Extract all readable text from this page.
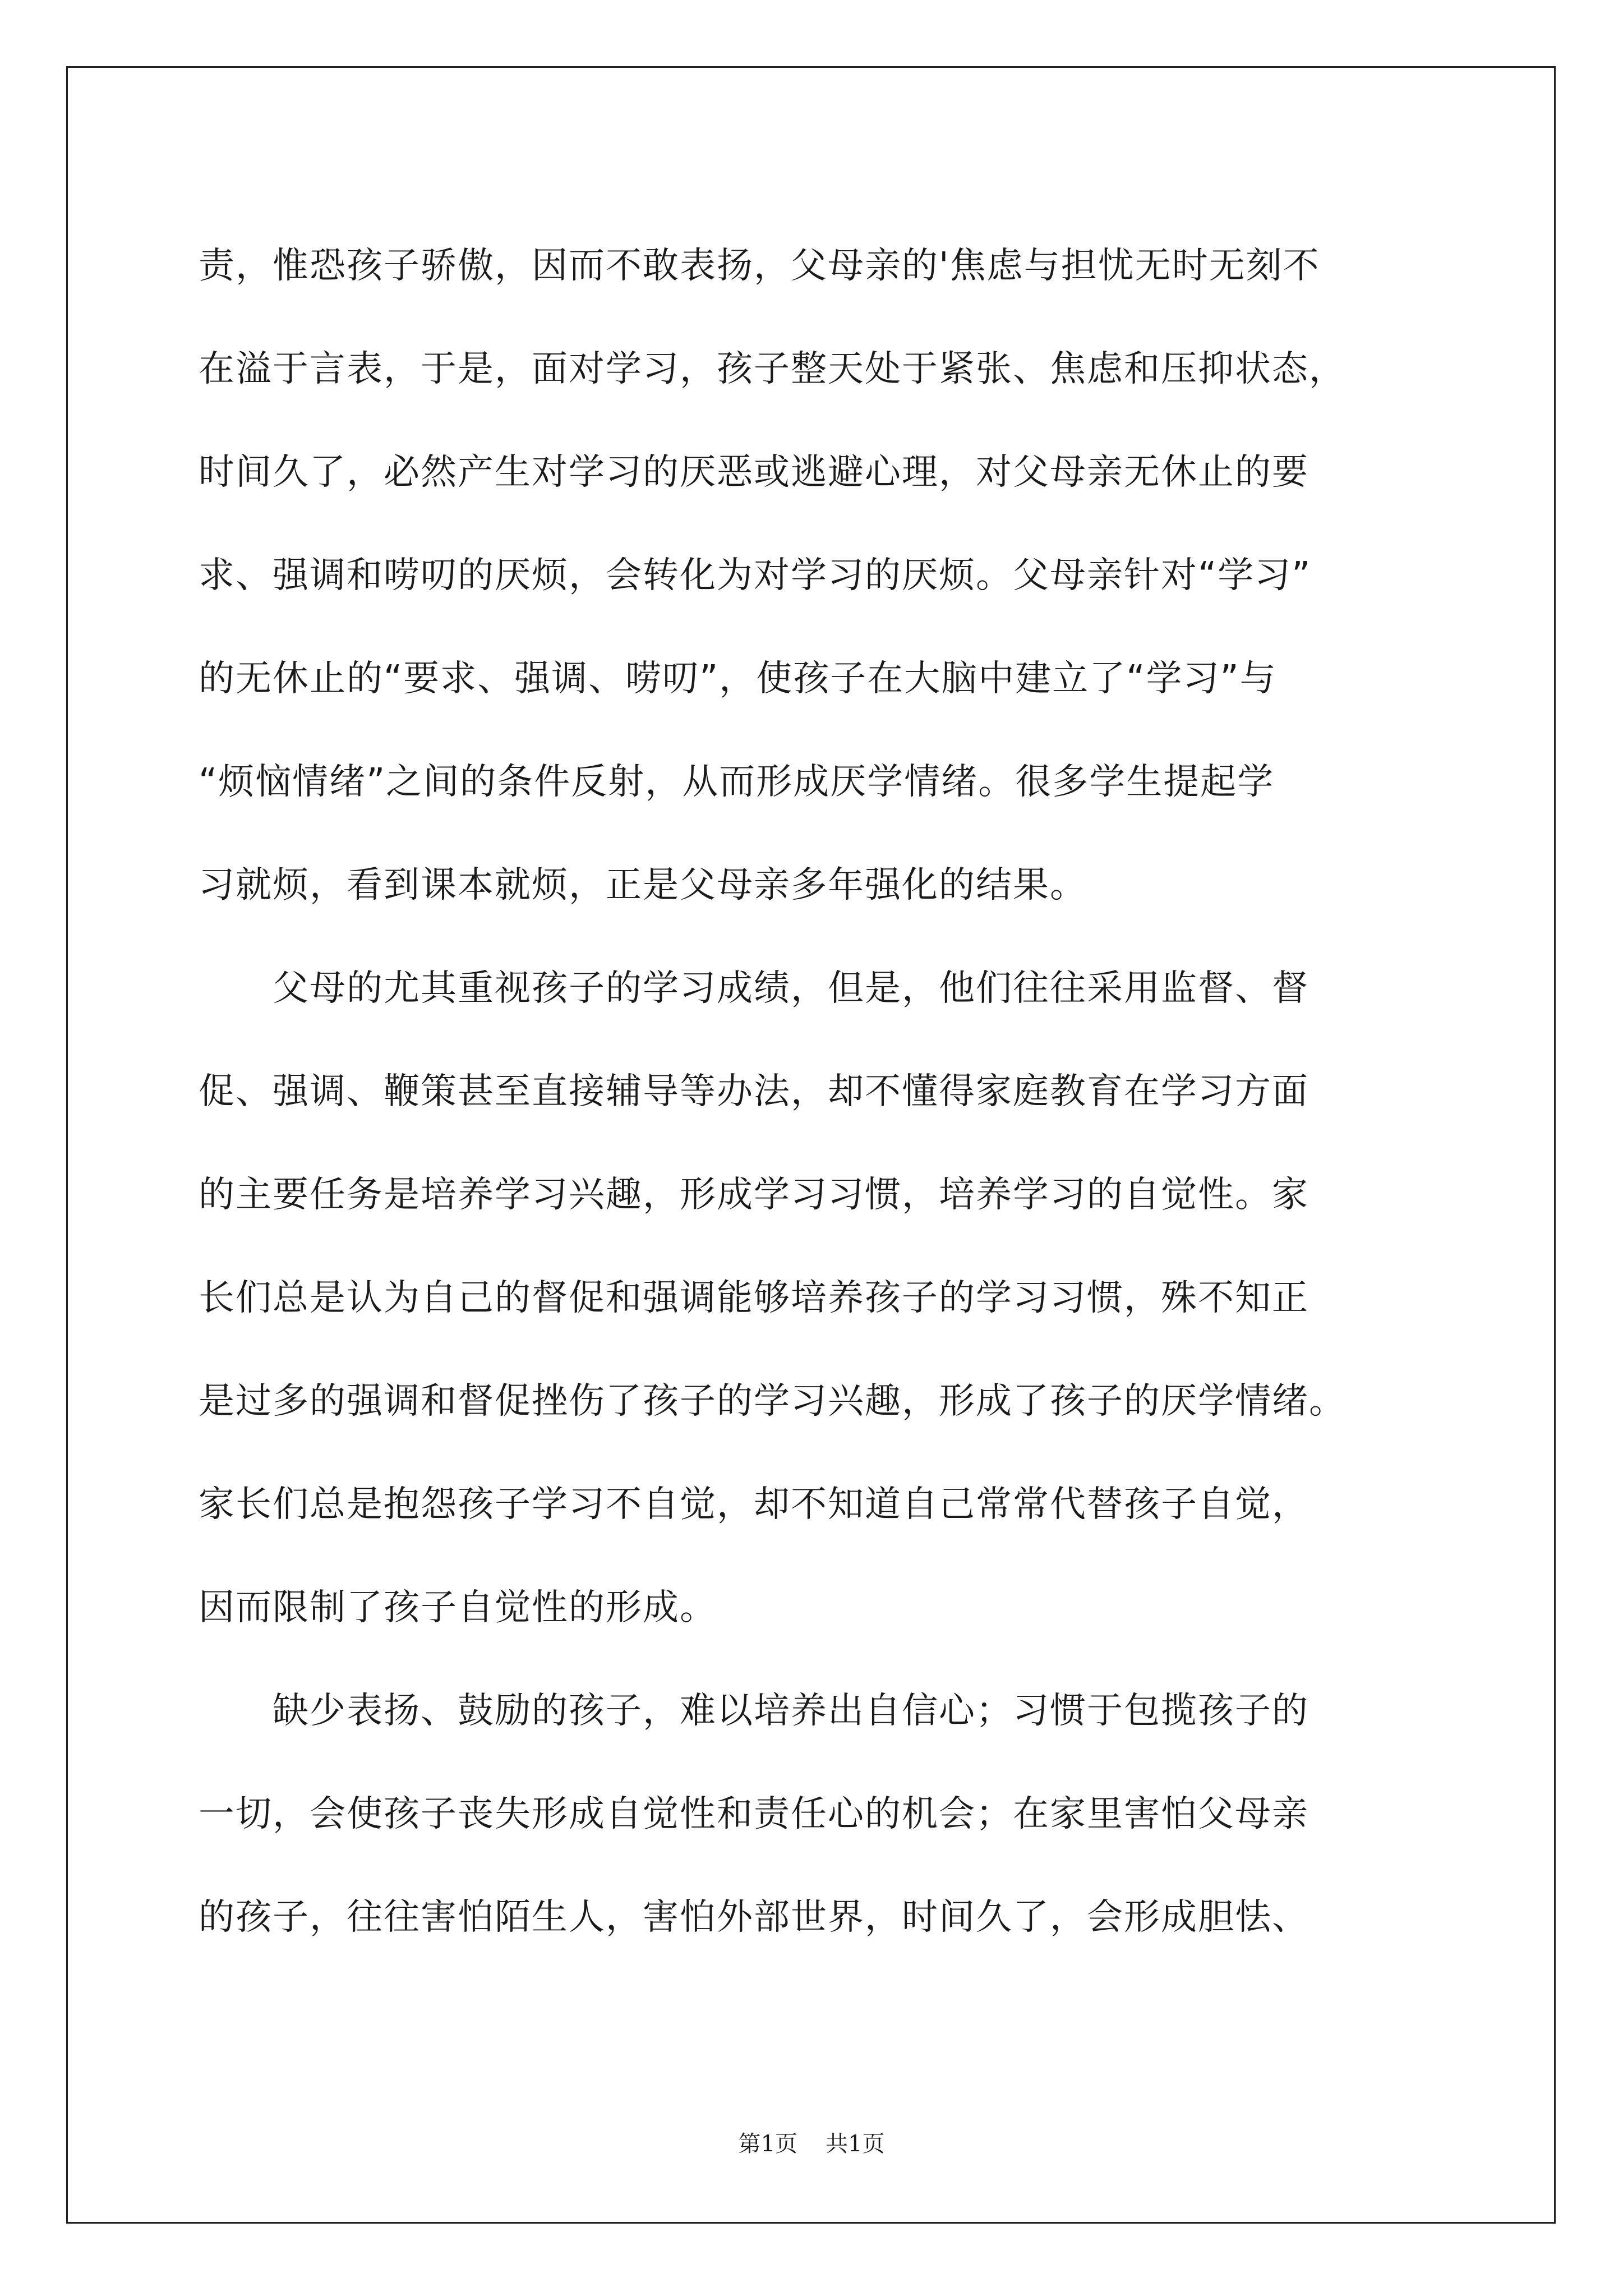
责，惟恐孩子骄傲，因而不敢表扬，父母亲的'焦虑与担忧无时无刻不
在溢于言表，于是，面对学习，孩子整天处于紧张、焦虑和压抑状态，
时间久了，必然产生对学习的厌恶或逃避心理，对父母亲无休止的要
求、强调和唠叨的厌烦，会转化为对学习的厌烦。父母亲针对“学习”
的无休止的“要求、强调、唠叨”，使孩子在大脑中建立了“学习”与
“烦恼情绪”之间的条件反射，从而形成厌学情绪。很多学生提起学
习就烦，看到课本就烦，正是父母亲多年强化的结果。
　　父母的尤其重视孩子的学习成绩，但是，他们往往采用监督、督
促、强调、鞭策甚至直接辅导等办法，却不懂得家庭教育在学习方面
的主要任务是培养学习兴趣，形成学习习惯，培养学习的自觉性。家
长们总是认为自己的督促和强调能够培养孩子的学习习惯，殊不知正
是过多的强调和督促挫伤了孩子的学习兴趣，形成了孩子的厌学情绪。
家长们总是抱怨孩子学习不自觉，却不知道自己常常代替孩子自觉，
因而限制了孩子自觉性的形成。
　　缺少表扬、鼓励的孩子，难以培养出自信心；习惯于包揽孩子的
一切，会使孩子丧失形成自觉性和责任心的机会；在家里害怕父母亲
的孩子，往往害怕陌生人，害怕外部世界，时间久了，会形成胆怯、
第1页 共1页
